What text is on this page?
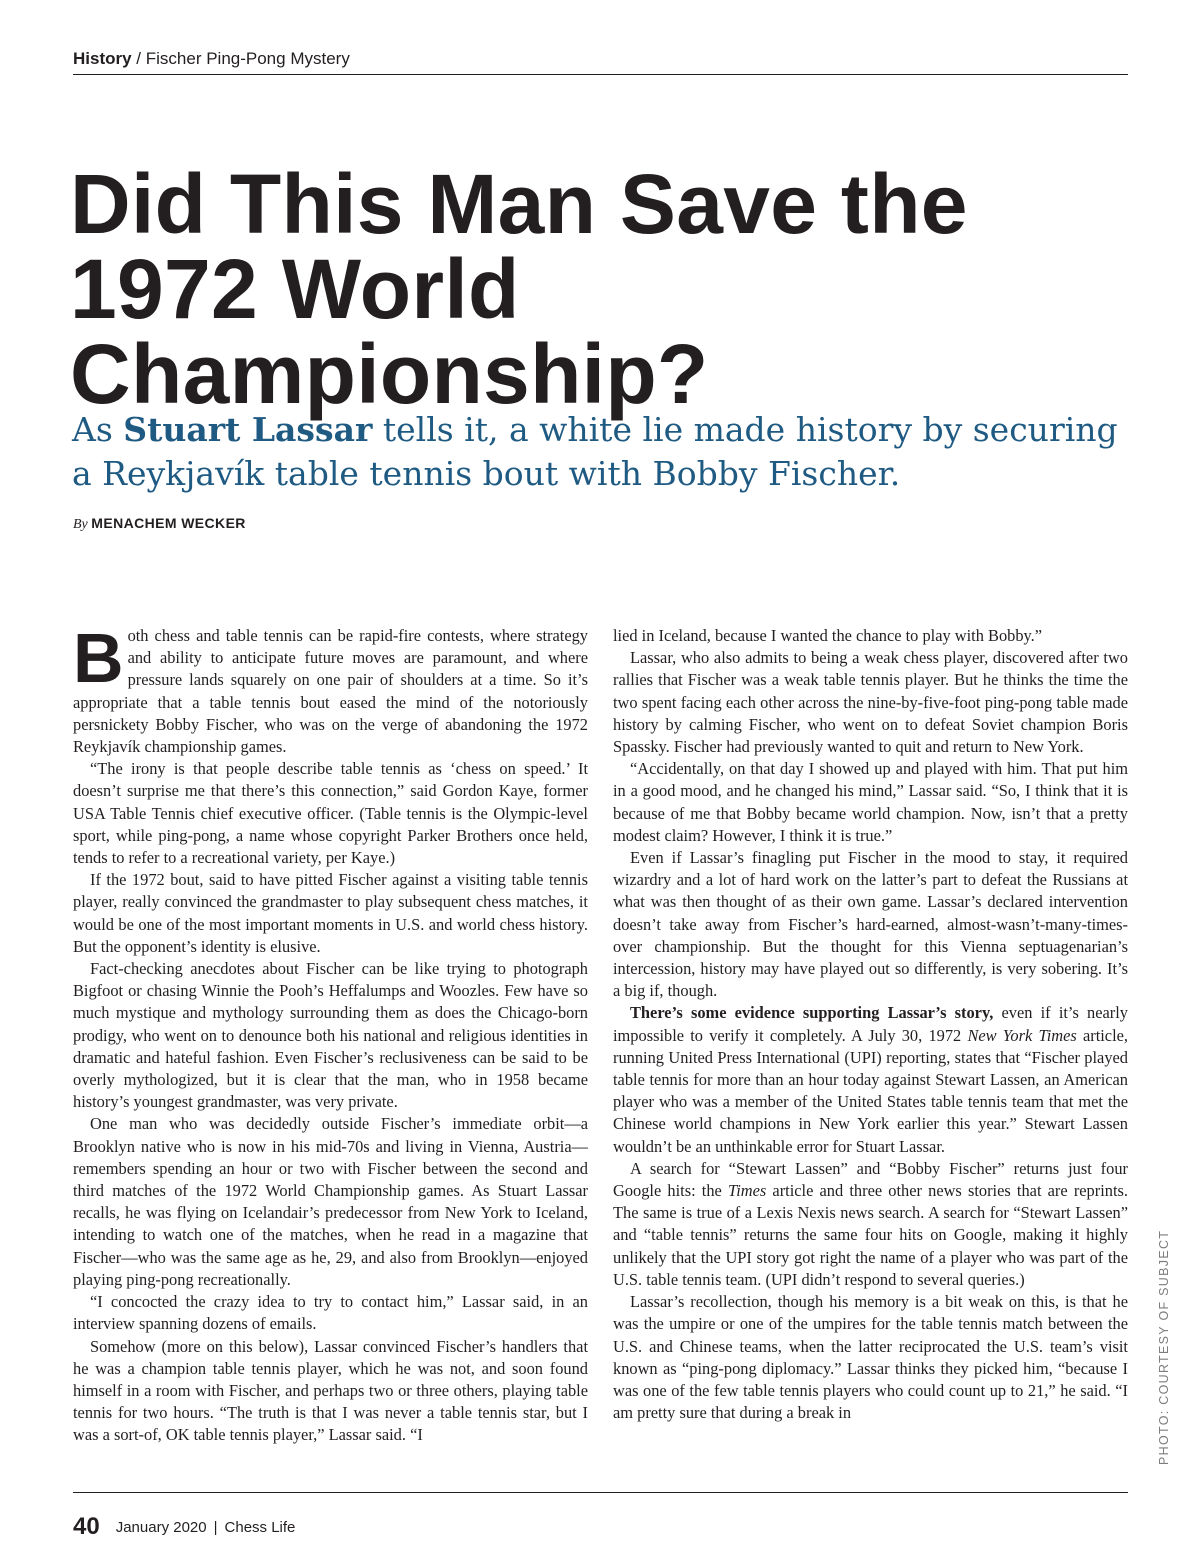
History / Fischer Ping-Pong Mystery
Did This Man Save the 1972 World Championship?
As Stuart Lassar tells it, a white lie made history by securing a Reykjavík table tennis bout with Bobby Fischer.
By MENACHEM WECKER

Both chess and table tennis can be rapid-fire contests, where strategy and ability to anticipate future moves are paramount, and where pressure lands squarely on one pair of shoulders at a time. So it’s appropriate that a table tennis bout eased the mind of the notoriously persnickety Bobby Fischer, who was on the verge of abandoning the 1972 Reykjavík championship games.

“The irony is that people describe table tennis as ‘chess on speed.’ It doesn’t surprise me that there’s this connection,” said Gordon Kaye, former USA Table Tennis chief executive officer. (Table tennis is the Olympic-level sport, while ping-pong, a name whose copyright Parker Brothers once held, tends to refer to a recreational variety, per Kaye.)

If the 1972 bout, said to have pitted Fischer against a visiting table tennis player, really convinced the grandmaster to play subsequent chess matches, it would be one of the most important moments in U.S. and world chess history. But the opponent’s identity is elusive.

Fact-checking anecdotes about Fischer can be like trying to photograph Bigfoot or chasing Winnie the Pooh’s Heffalumps and Woozles. Few have so much mystique and mythology surrounding them as does the Chicago-born prodigy, who went on to denounce both his national and religious identities in dramatic and hateful fashion. Even Fischer’s reclusiveness can be said to be overly mythologized, but it is clear that the man, who in 1958 became history’s youngest grandmaster, was very private.

One man who was decidedly outside Fischer’s immediate orbit—a Brooklyn native who is now in his mid-70s and living in Vienna, Austria—remembers spending an hour or two with Fischer between the second and third matches of the 1972 World Championship games. As Stuart Lassar recalls, he was flying on Icelandair’s predecessor from New York to Iceland, intending to watch one of the matches, when he read in a magazine that Fischer—who was the same age as he, 29, and also from Brooklyn—enjoyed playing ping-pong recreationally.

“I concocted the crazy idea to try to contact him,” Lassar said, in an interview spanning dozens of emails.

Somehow (more on this below), Lassar convinced Fischer’s handlers that he was a champion table tennis player, which he was not, and soon found himself in a room with Fischer, and perhaps two or three others, playing table tennis for two hours. “The truth is that I was never a table tennis star, but I was a sort-of, OK table tennis player,” Lassar said. “I

lied in Iceland, because I wanted the chance to play with Bobby.”

Lassar, who also admits to being a weak chess player, discovered after two rallies that Fischer was a weak table tennis player. But he thinks the time the two spent facing each other across the nine-by-five-foot ping-pong table made history by calming Fischer, who went on to defeat Soviet champion Boris Spassky. Fischer had previously wanted to quit and return to New York.

“Accidentally, on that day I showed up and played with him. That put him in a good mood, and he changed his mind,” Lassar said. “So, I think that it is because of me that Bobby became world champion. Now, isn’t that a pretty modest claim? However, I think it is true.”

Even if Lassar’s finagling put Fischer in the mood to stay, it required wizardry and a lot of hard work on the latter’s part to defeat the Russians at what was then thought of as their own game. Lassar’s declared intervention doesn’t take away from Fischer’s hard-earned, almost-wasn’t-many-times-over championship. But the thought for this Vienna septuagenarian’s intercession, history may have played out so differently, is very sobering. It’s a big if, though.

There’s some evidence supporting Lassar’s story, even if it’s nearly impossible to verify it completely. A July 30, 1972 New York Times article, running United Press International (UPI) reporting, states that “Fischer played table tennis for more than an hour today against Stewart Lassen, an American player who was a member of the United States table tennis team that met the Chinese world champions in New York earlier this year.” Stewart Lassen wouldn’t be an unthinkable error for Stuart Lassar.

A search for “Stewart Lassen” and “Bobby Fischer” returns just four Google hits: the Times article and three other news stories that are reprints. The same is true of a Lexis Nexis news search. A search for “Stewart Lassen” and “table tennis” returns the same four hits on Google, making it highly unlikely that the UPI story got right the name of a player who was part of the U.S. table tennis team. (UPI didn’t respond to several queries.)

Lassar’s recollection, though his memory is a bit weak on this, is that he was the umpire or one of the umpires for the table tennis match between the U.S. and Chinese teams, when the latter reciprocated the U.S. team’s visit known as “ping-pong diplomacy.” Lassar thinks they picked him, “because I was one of the few table tennis players who could count up to 21,” he said. “I am pretty sure that during a break in	PHOTO: COURTESY OF SUBJECT
40 January 2020 | Chess Life
